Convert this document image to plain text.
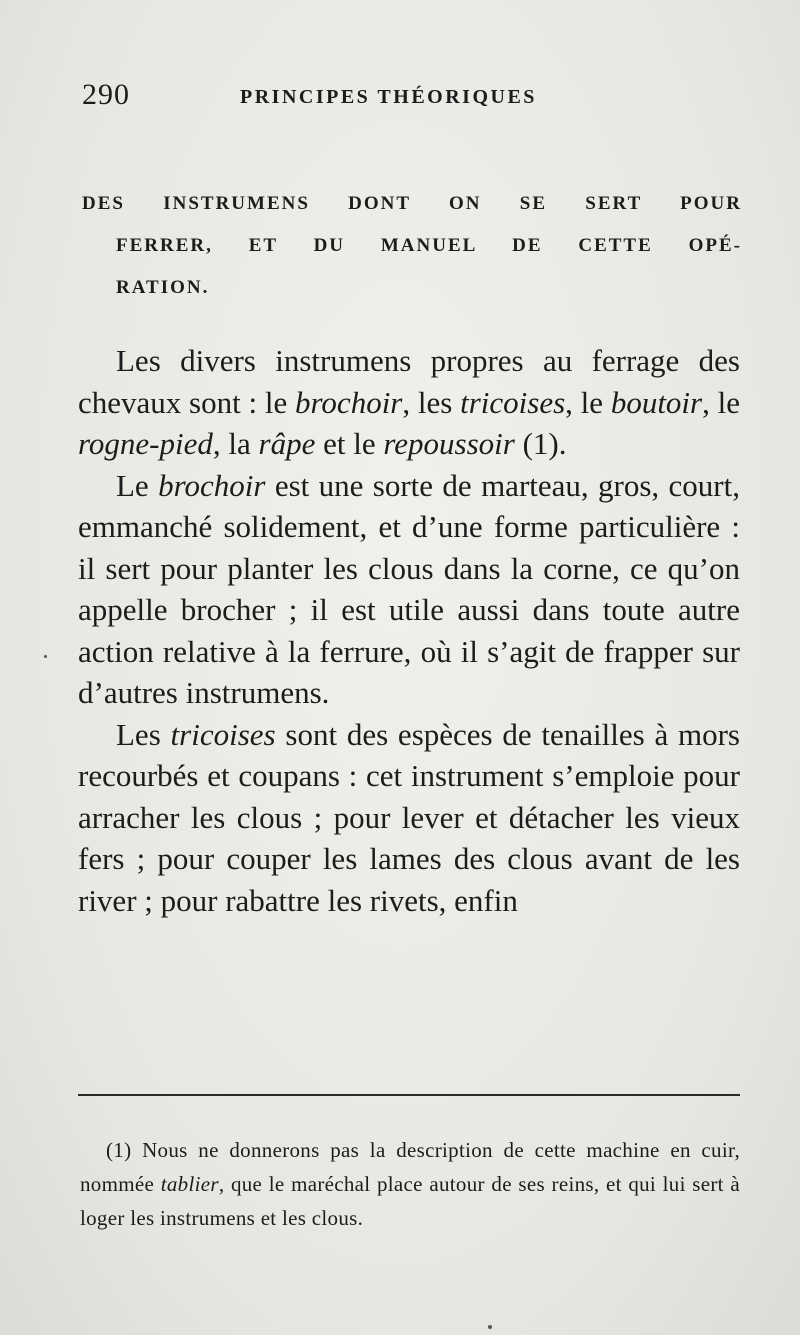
290	PRINCIPES THÉORIQUES
DES INSTRUMENS DONT ON SE SERT POUR
FERRER, ET DU MANUEL DE CETTE OPÉ-
RATION.

Les divers instrumens propres au ferrage des chevaux sont : le brochoir, les tricoises, le boutoir, le rogne-pied, la râpe et le repoussoir (1).

Le brochoir est une sorte de marteau, gros, court, emmanché solidement, et d’une forme particulière : il sert pour planter les clous dans la corne, ce qu’on appelle brocher ; il est utile aussi dans toute autre action relative à la ferrure, où il s’agit de frapper sur d’autres instrumens.

Les tricoises sont des espèces de tenailles à mors recourbés et coupans : cet instrument s’emploie pour arracher les clous ; pour lever et détacher les vieux fers ; pour couper les lames des clous avant de les river ; pour rabattre les rivets, enfin

(1) Nous ne donnerons pas la description de cette machine en cuir, nommée tablier, que le maréchal place autour de ses reins, et qui lui sert à loger les instrumens et les clous.
